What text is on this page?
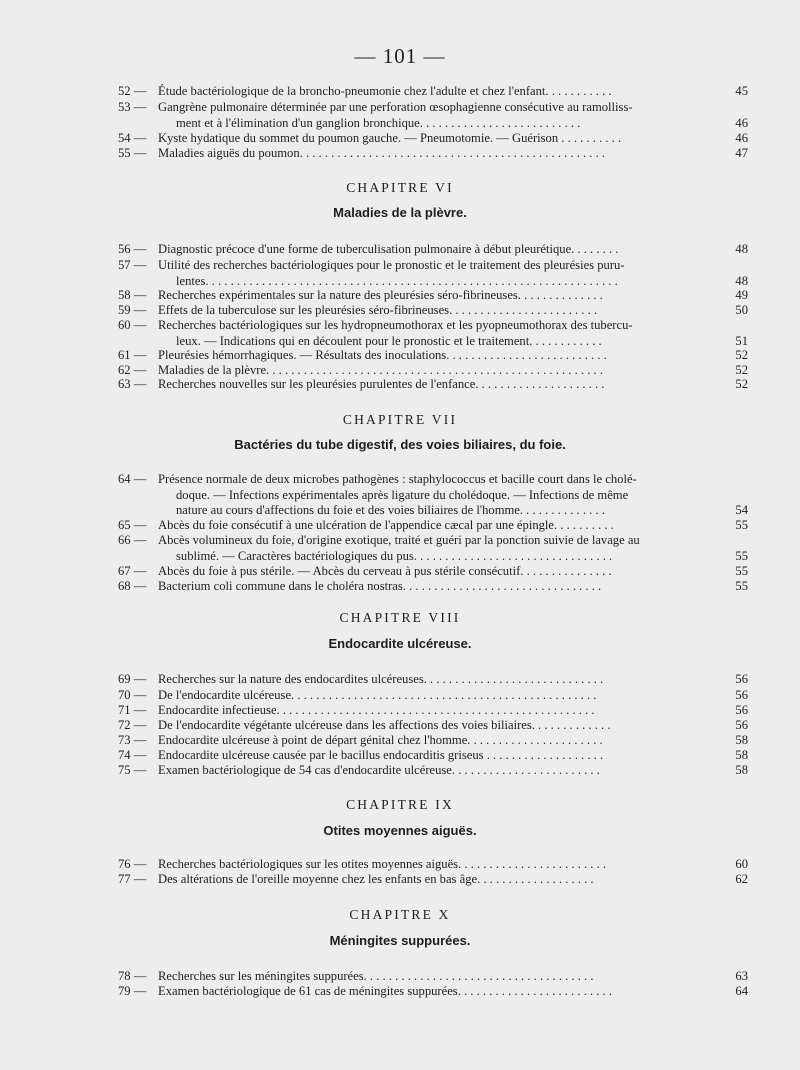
— 101 —
52 — Étude bactériologique de la broncho-pneumonie chez l'adulte et chez l'enfant. . . . . . . . . . .	45
53 — Gangrène pulmonaire déterminée par une perforation œsophagienne consécutive au ramolliss-
ment et à l'élimination d'un ganglion bronchique. . . . . . . . . . . . . . . . . . . . . . . . . .	46
54 — Kyste hydatique du sommet du poumon gauche. — Pneumotomie. — Guérison . . . . . . . . . .	46
55 — Maladies aiguës du poumon. . . . . . . . . . . . . . . . . . . . . . . . . . . . . . . . . . . . . . . . . . . . . . . . .	47
CHAPITRE VI
Maladies de la plèvre.
56 — Diagnostic précoce d'une forme de tuberculisation pulmonaire à début pleurétique. . . . . . . .	48
57 — Utilité des recherches bactériologiques pour le pronostic et le traitement des pleurésies puru-
lentes. . . . . . . . . . . . . . . . . . . . . . . . . . . . . . . . . . . . . . . . . . . . . . . . . . . . . . . . . . . . . . . . . .	48
58 — Recherches expérimentales sur la nature des pleurésies séro-fibrineuses. . . . . . . . . . . . . .	49
59 — Effets de la tuberculose sur les pleurésies séro-fibrineuses. . . . . . . . . . . . . . . . . . . . . . . .	50
60 — Recherches bactériologiques sur les hydropneumothorax et les pyopneumothorax des tubercu-
leux. — Indications qui en découlent pour le pronostic et le traitement. . . . . . . . . . . .	51
61 — Pleurésies hémorrhagiques. — Résultats des inoculations. . . . . . . . . . . . . . . . . . . . . . . . . .	52
62 — Maladies de la plèvre. . . . . . . . . . . . . . . . . . . . . . . . . . . . . . . . . . . . . . . . . . . . . . . . . . . . . .	52
63 — Recherches nouvelles sur les pleurésies purulentes de l'enfance. . . . . . . . . . . . . . . . . . . . .	52
CHAPITRE VII
Bactéries du tube digestif, des voies biliaires, du foie.
64 — Présence normale de deux microbes pathogènes : staphylococcus et bacille court dans le cholé-
doque. — Infections expérimentales après ligature du cholédoque. — Infections de même
nature au cours d'affections du foie et des voies biliaires de l'homme. . . . . . . . . . . . . .	54
65 — Abcès du foie consécutif à une ulcération de l'appendice cæcal par une épingle. . . . . . . . . .	55
66 — Abcès volumineux du foie, d'origine exotique, traité et guéri par la ponction suivie de lavage au
sublimé. — Caractères bactériologiques du pus. . . . . . . . . . . . . . . . . . . . . . . . . . . . . . . .	55
67 — Abcès du foie à pus stérile. — Abcès du cerveau à pus stérile consécutif. . . . . . . . . . . . . . .	55
68 — Bacterium coli commune dans le choléra nostras. . . . . . . . . . . . . . . . . . . . . . . . . . . . . . . .	55
CHAPITRE VIII
Endocardite ulcéreuse.
69 — Recherches sur la nature des endocardites ulcéreuses. . . . . . . . . . . . . . . . . . . . . . . . . . . . .	56
70 — De l'endocardite ulcéreuse. . . . . . . . . . . . . . . . . . . . . . . . . . . . . . . . . . . . . . . . . . . . . . . . .	56
71 — Endocardite infectieuse. . . . . . . . . . . . . . . . . . . . . . . . . . . . . . . . . . . . . . . . . . . . . . . . . . .	56
72 — De l'endocardite végétante ulcéreuse dans les affections des voies biliaires. . . . . . . . . . . . .	56
73 — Endocardite ulcéreuse à point de départ génital chez l'homme. . . . . . . . . . . . . . . . . . . . . .	58
74 — Endocardite ulcéreuse causée par le bacillus endocarditis griseus . . . . . . . . . . . . . . . . . . .	58
75 — Examen bactériologique de 54 cas d'endocardite ulcéreuse. . . . . . . . . . . . . . . . . . . . . . . .	58
CHAPITRE IX
Otites moyennes aiguës.
76 — Recherches bactériologiques sur les otites moyennes aiguës. . . . . . . . . . . . . . . . . . . . . . . .	60
77 — Des altérations de l'oreille moyenne chez les enfants en bas âge. . . . . . . . . . . . . . . . . . .	62
CHAPITRE X
Méningites suppurées.
78 — Recherches sur les méningites suppurées. . . . . . . . . . . . . . . . . . . . . . . . . . . . . . . . . . . . .	63
79 — Examen bactériologique de 61 cas de méningites suppurées. . . . . . . . . . . . . . . . . . . . . . . . .	64
